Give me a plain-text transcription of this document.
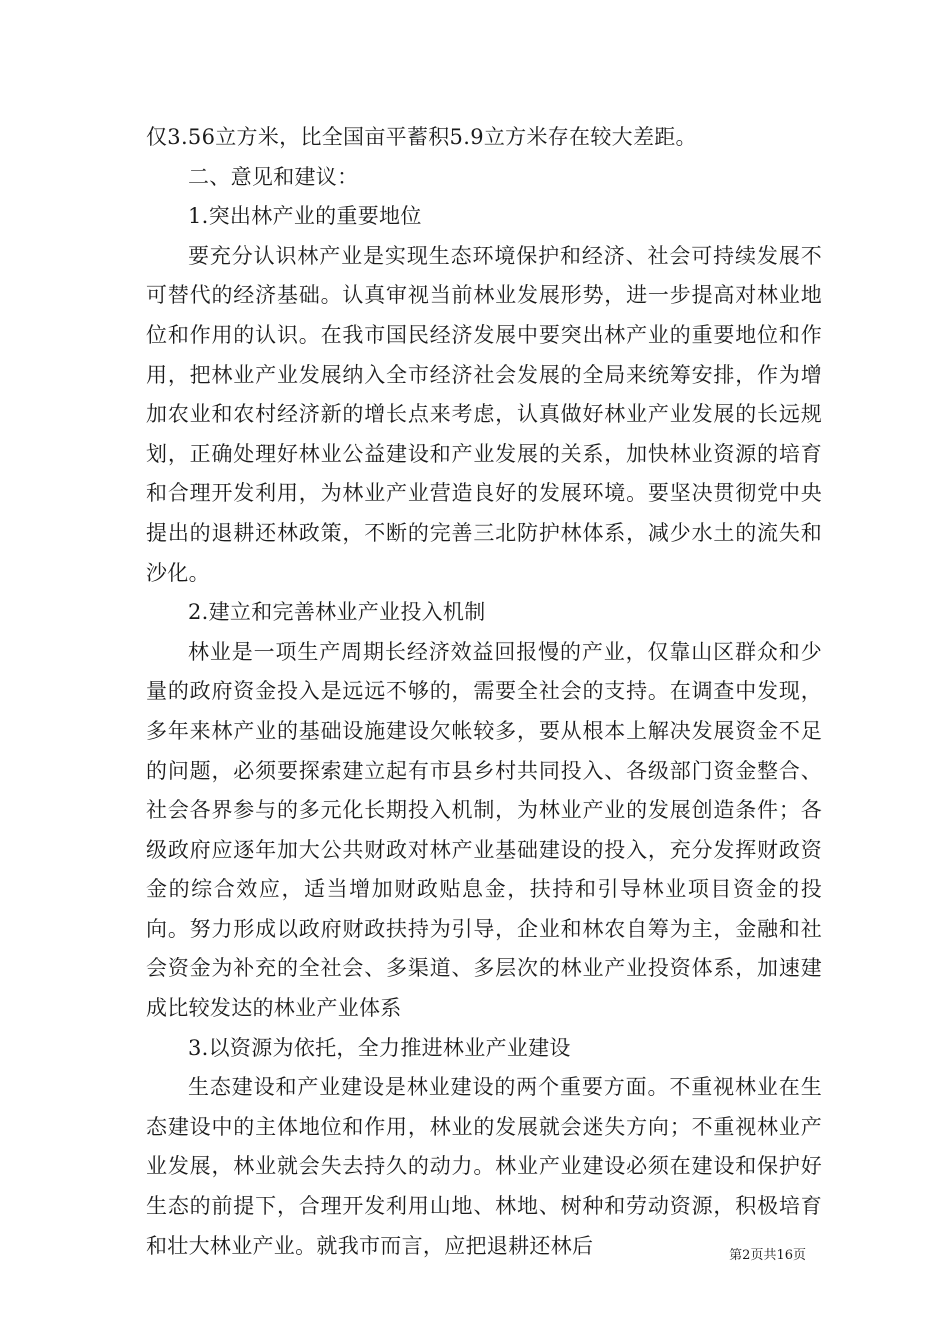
仅3.56立方米，比全国亩平蓄积5.9立方米存在较大差距。

二、意见和建议：

1.突出林产业的重要地位

要充分认识林产业是实现生态环境保护和经济、社会可持续发展不可替代的经济基础。认真审视当前林业发展形势，进一步提高对林业地位和作用的认识。在我市国民经济发展中要突出林产业的重要地位和作用，把林业产业发展纳入全市经济社会发展的全局来统筹安排，作为增加农业和农村经济新的增长点来考虑，认真做好林业产业发展的长远规划，正确处理好林业公益建设和产业发展的关系，加快林业资源的培育和合理开发利用，为林业产业营造良好的发展环境。要坚决贯彻党中央提出的退耕还林政策，不断的完善三北防护林体系，减少水土的流失和沙化。

2.建立和完善林业产业投入机制

林业是一项生产周期长经济效益回报慢的产业，仅靠山区群众和少量的政府资金投入是远远不够的，需要全社会的支持。在调查中发现，多年来林产业的基础设施建设欠帐较多，要从根本上解决发展资金不足的问题，必须要探索建立起有市县乡村共同投入、各级部门资金整合、社会各界参与的多元化长期投入机制，为林业产业的发展创造条件；各级政府应逐年加大公共财政对林产业基础建设的投入，充分发挥财政资金的综合效应，适当增加财政贴息金，扶持和引导林业项目资金的投向。努力形成以政府财政扶持为引导，企业和林农自筹为主，金融和社会资金为补充的全社会、多渠道、多层次的林业产业投资体系，加速建成比较发达的林业产业体系

3.以资源为依托，全力推进林业产业建设

生态建设和产业建设是林业建设的两个重要方面。不重视林业在生态建设中的主体地位和作用，林业的发展就会迷失方向；不重视林业产业发展，林业就会失去持久的动力。林业产业建设必须在建设和保护好生态的前提下，合理开发利用山地、林地、树种和劳动资源，积极培育和壮大林业产业。就我市而言，应把退耕还林后	第2页共16页
